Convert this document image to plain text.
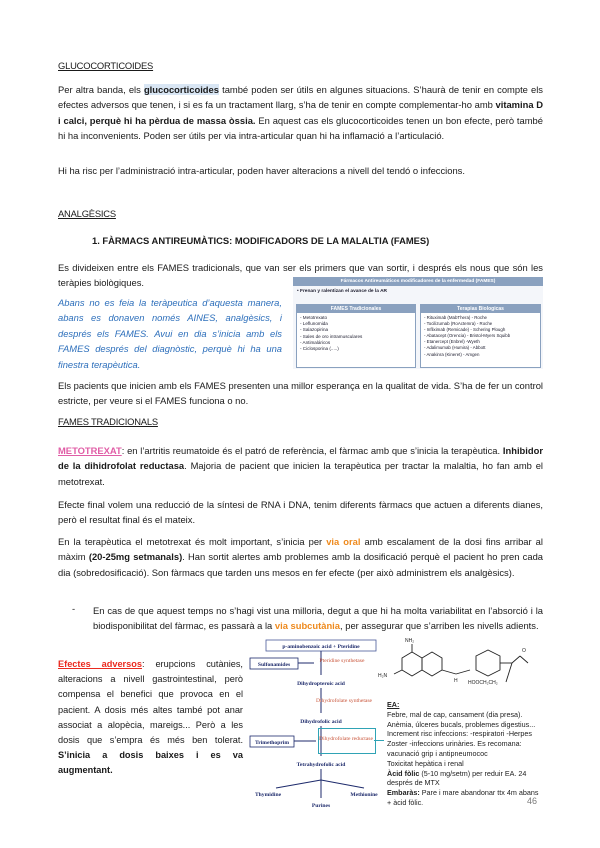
GLUCOCORTICOIDES
Per altra banda, els glucocorticoides també poden ser útils en algunes situacions. S’haurà de tenir en compte els efectes adversos que tenen, i si es fa un tractament llarg, s’ha de tenir en compte complementar-ho amb vitamina D i calci, perquè hi ha pèrdua de massa òssia. En aquest cas els glucocorticoides tenen un bon efecte, però també hi ha inconvenients. Poden ser útils per via intra-articular quan hi ha inflamació a l’articulació.
Hi ha risc per l’administració intra-articular, poden haver alteracions a nivell del tendó o infeccions.
ANALGÈSICS
1. FÀRMACS ANTIREUMÀTICS: MODIFICADORS DE LA MALALTIA (FAMES)
Es divideixen entre els FAMES tradicionals, que van ser els primers que van sortir, i després els nous que són les teràpies biològiques.
Abans no es feia la teràpeutica d’aquesta manera, abans es donaven només AINES, analgèsics, i després els FAMES. Avui en dia s’inicia amb els FAMES després del diagnòstic, perquè hi ha una finestra terapèutica.
Fármacos Antireumáticos modificadores de la enfermedad (FAMES)
• Frenan y ralentizan el avance de la AR
FAMES Tradicionales
- Metotrexato
- Leflunomida
- Salazopirina
- Sales de oro intramusculares
- Antimaláricos
- Ciclosporina (.....)
Terapias Biologicas
- Rituximab (MabThera) - Roche
- Tocilizumab (RoActemra) - Roche
- Infliximab (Remicade) - Schering Plough
- Abatacept (Orencia) - Bristol-Myers Squibb
- Etanercept (Enbrel) -Wyeth
- Adalimumab (Humira) - Abbott
- Anakinra (Kineret) - Amgen
Els pacients que inicien amb els FAMES presenten una millor esperança en la qualitat de vida. S’ha de fer un control estricte, per veure si el FAMES funciona o no.
FAMES TRADICIONALS
METOTREXAT: en l’artritis reumatoide és el patró de referència, el fàrmac amb que s’inicia la terapèutica. Inhibidor de la dihidrofolat reductasa. Majoria de pacient que inicien la terapèutica per tractar la malaltia, ho fan amb el metotrexat.
Efecte final volem una reducció de la síntesi de RNA i DNA, tenim diferents fàrmacs que actuen a diferents dianes, però el resultat final és el mateix.
En la terapèutica el metotrexat és molt important, s’inicia per via oral amb escalament de la dosi fins arribar al màxim (20-25mg setmanals). Han sortit alertes amb problemes amb la dosificació perquè el pacient ho pren cada dia (sobredosificació). Son fàrmacs que tarden uns mesos en fer efecte (per això administrem els analgèsics).
- En cas de que aquest temps no s’hagi vist una milloria, degut a que hi ha molta variabilitat en l’absorció i la biodisponibilitat del fàrmac, es passarà a la via subcutània, per assegurar que s’arriben les nivells adients.
Efectes adversos: erupcions cutànies, alteracions a nivell gastrointestinal, però compensa el benefici que provoca en el pacient. A dosis més altes també pot anar associat a alopècia, mareigs... Però a les dosis que s’empra és més ben tolerat. S’inicia a dosis baixes i es va augmentant.
p-aminobenzoic acid + Pteridine
Sulfonamides
Pteridine synthetase
Dihydropteroic acid
Dihydrofolate synthetase
Dihydrofolic acid
Trimethoprim
Dihydrofolate reductase
Tetrahydrofolic acid
Thymidine	Methionine
Purines
NH₂
H₂N
HOOCH₂CH₂
H
O
EA:
Febre, mal de cap, cansament (dia presa). Anèmia, úlceres bucals, problemes digestius...
Increment risc infeccions: -respiratori -Herpes Zoster -infeccions urinàries. Es recomana: vacunació grip i antipneumococ
Toxicitat hepàtica i renal
Àcid fòlic (5-10 mg/setm) per reduir EA. 24 després de MTX
Embaràs: Pare i mare abandonar ttx 4m abans + àcid fòlic.	46
